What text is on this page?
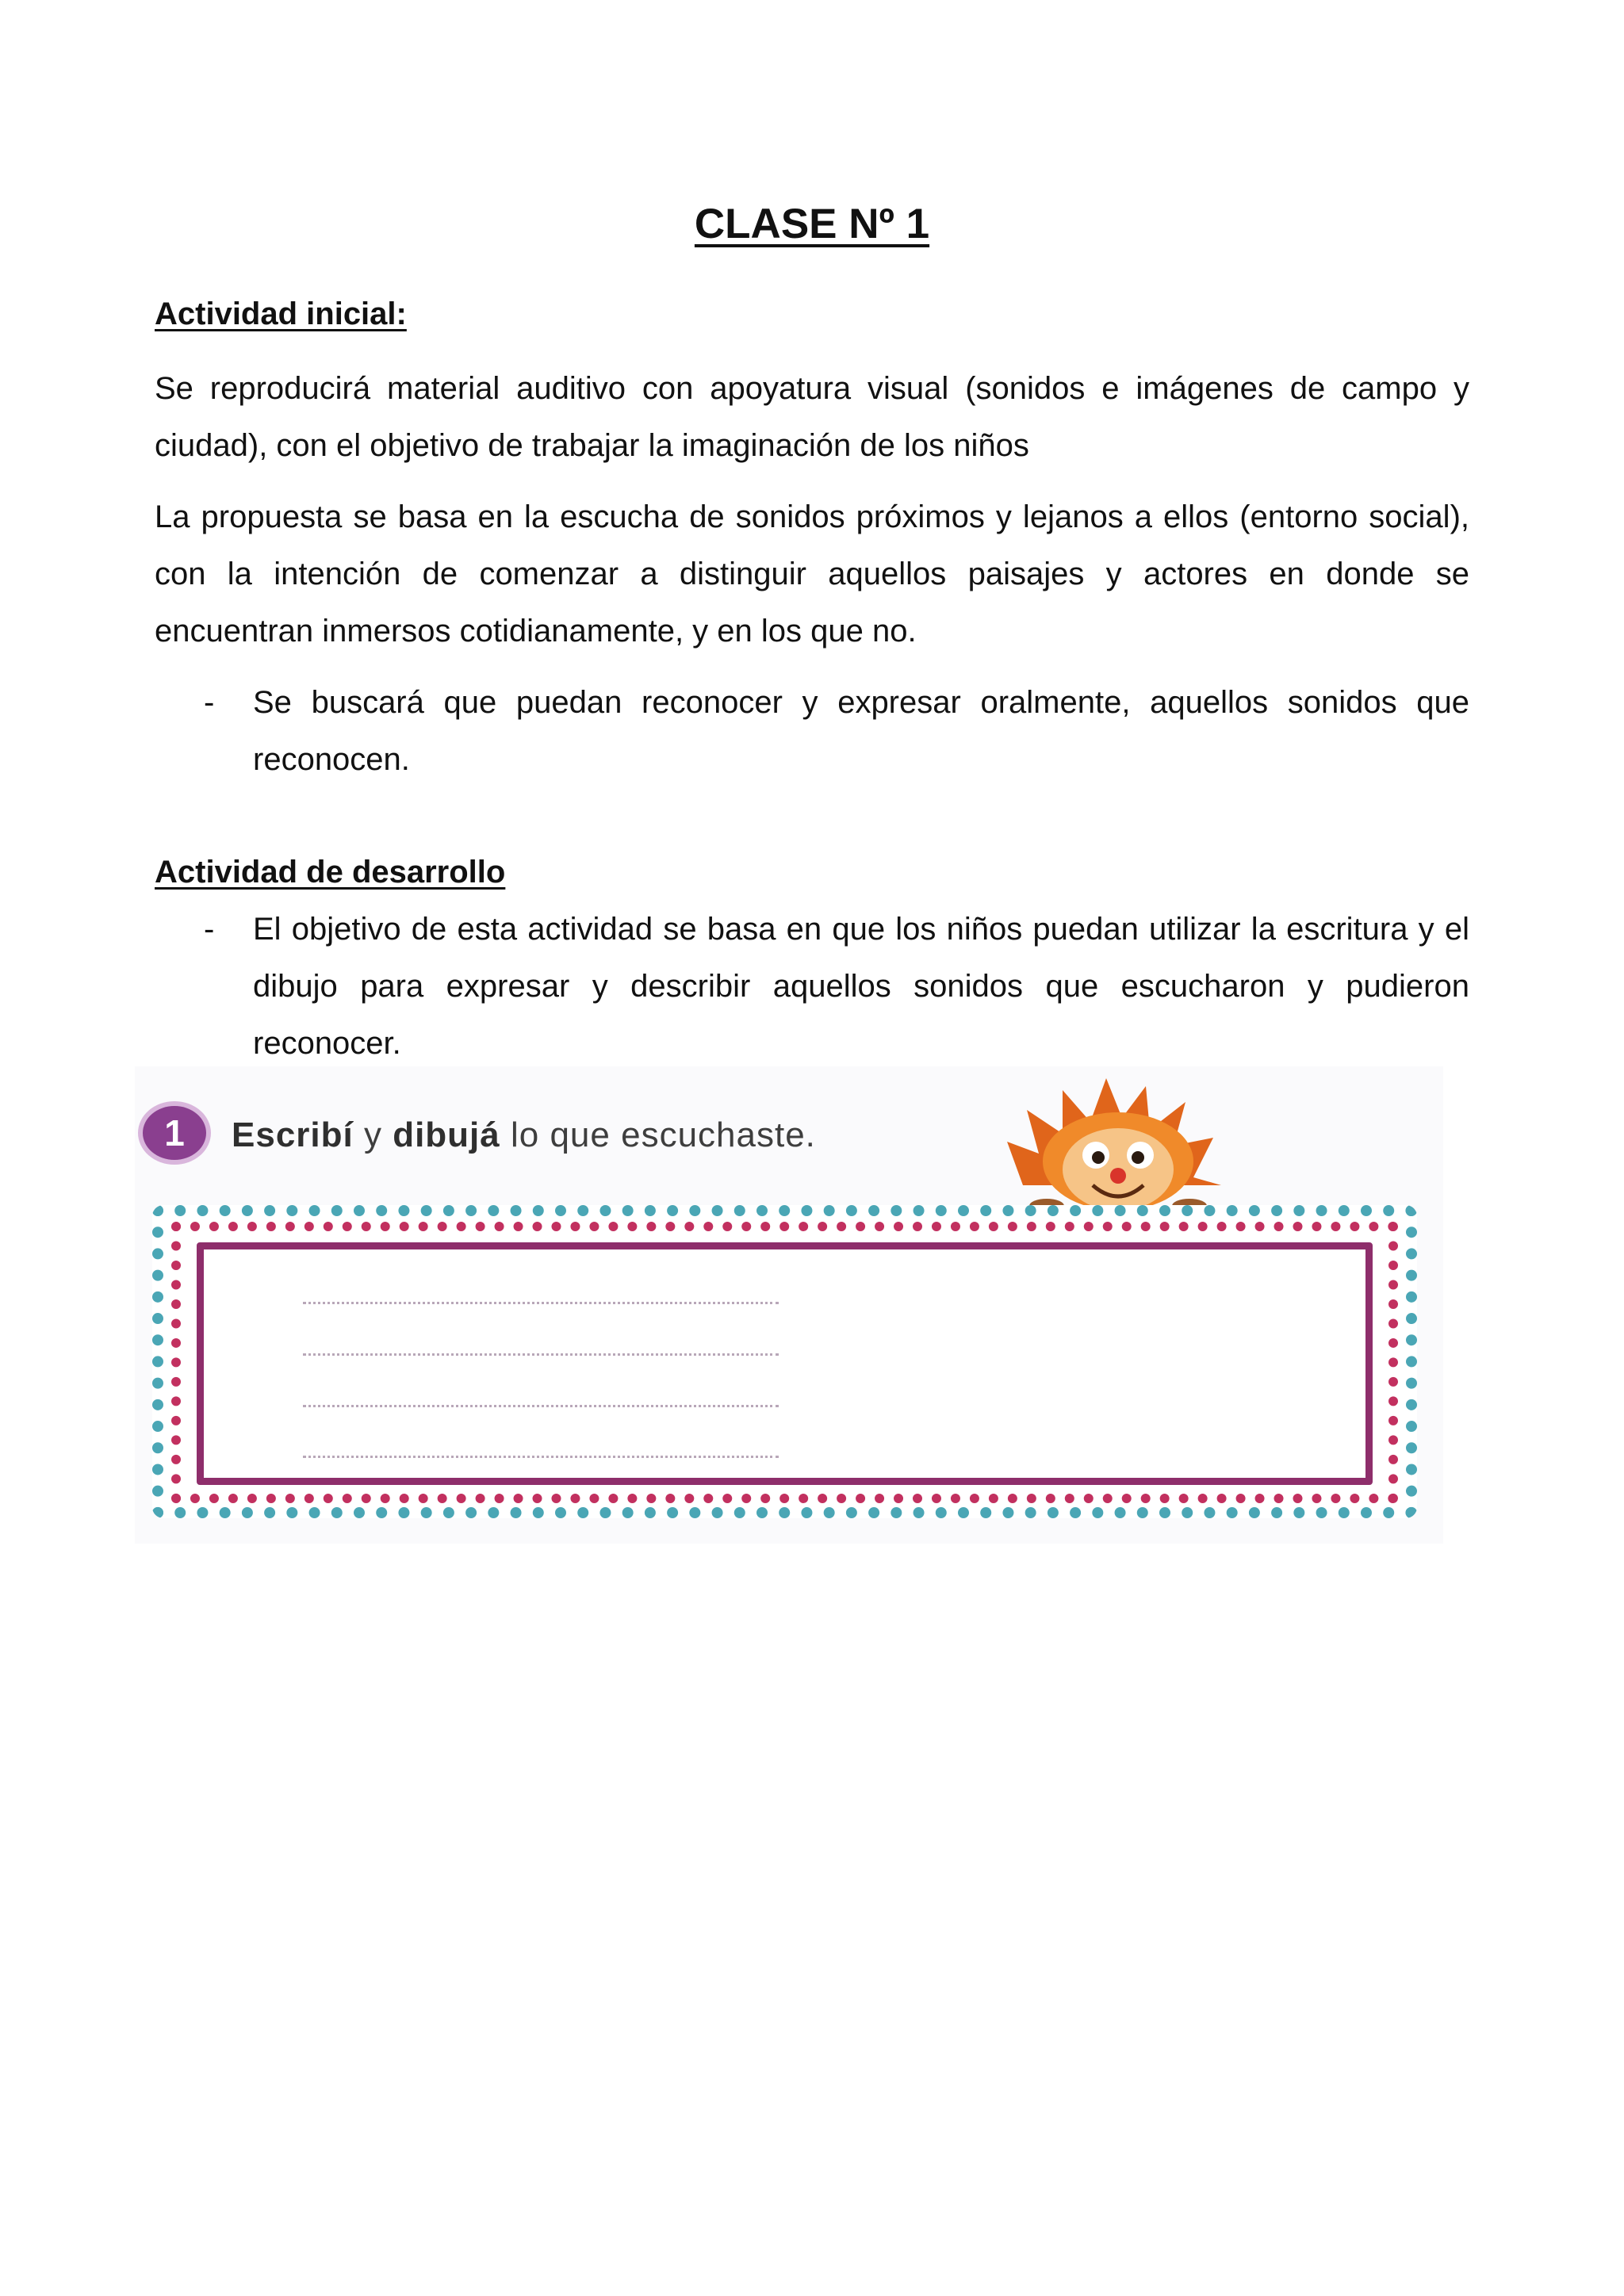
CLASE Nº 1
Actividad inicial:
Se reproducirá material auditivo con apoyatura visual (sonidos e imágenes de campo y ciudad), con el objetivo de trabajar la imaginación de los niños
La propuesta se basa en la escucha de sonidos próximos y lejanos a ellos (entorno social), con la intención de comenzar a distinguir aquellos paisajes y actores en donde se encuentran inmersos cotidianamente, y en los que no.
- Se buscará que puedan reconocer y expresar oralmente, aquellos sonidos que reconocen.
Actividad de desarrollo
- El objetivo de esta actividad se basa en que los niños puedan utilizar la escritura y el dibujo para expresar y describir aquellos sonidos que escucharon y pudieron reconocer.
1	Escribí y dibujá lo que escuchaste.
